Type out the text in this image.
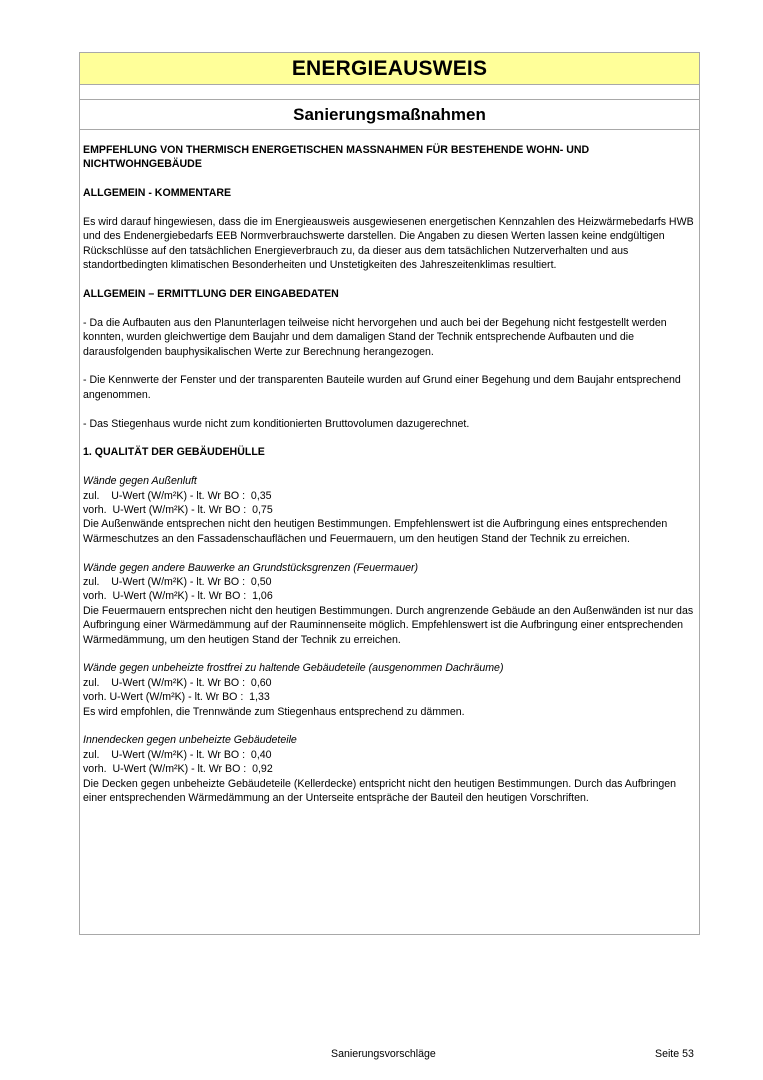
ENERGIEAUSWEIS
Sanierungsmaßnahmen

EMPFEHLUNG VON THERMISCH ENERGETISCHEN MASSNAHMEN FÜR BESTEHENDE WOHN- UND NICHTWOHNGEBÄUDE

ALLGEMEIN - KOMMENTARE

Es wird darauf hingewiesen, dass die im Energieausweis ausgewiesenen energetischen Kennzahlen des Heizwärmebedarfs HWB und des Endenergiebedarfs EEB Normverbrauchswerte darstellen. Die Angaben zu diesen Werten lassen keine endgültigen Rückschlüsse auf den tatsächlichen Energieverbrauch zu, da dieser aus dem tatsächlichen Nutzerverhalten und aus standortbedingten klimatischen Besonderheiten und Unstetigkeiten des Jahreszeitenklimas resultiert.

ALLGEMEIN – ERMITTLUNG DER EINGABEDATEN

- Da die Aufbauten aus den Planunterlagen teilweise nicht hervorgehen und auch bei der Begehung nicht festgestellt werden konnten, wurden gleichwertige dem Baujahr und dem damaligen Stand der Technik entsprechende Aufbauten und die darausfolgenden bauphysikalischen Werte zur Berechnung herangezogen.

- Die Kennwerte der Fenster und der transparenten Bauteile wurden auf Grund einer Begehung und dem Baujahr entsprechend angenommen.

- Das Stiegenhaus wurde nicht zum konditionierten Bruttovolumen dazugerechnet.

1. QUALITÄT DER GEBÄUDEHÜLLE

Wände gegen Außenluft

zul.    U-Wert (W/m²K) - lt. Wr BO :  0,35

vorh.  U-Wert (W/m²K) - lt. Wr BO :  0,75

Die Außenwände entsprechen nicht den heutigen Bestimmungen. Empfehlenswert ist die Aufbringung eines entsprechenden Wärmeschutzes an den Fassadenschauflächen und Feuermauern, um den heutigen Stand der Technik zu erreichen.

Wände gegen andere Bauwerke an Grundstücksgrenzen (Feuermauer)

zul.    U-Wert (W/m²K) - lt. Wr BO :  0,50

vorh.  U-Wert (W/m²K) - lt. Wr BO :  1,06

Die Feuermauern entsprechen nicht den heutigen Bestimmungen. Durch angrenzende Gebäude an den Außenwänden ist nur das Aufbringung einer Wärmedämmung auf der Rauminnenseite möglich. Empfehlenswert ist die Aufbringung einer entsprechenden Wärmedämmung, um den heutigen Stand der Technik zu erreichen.

Wände gegen unbeheizte frostfrei zu haltende Gebäudeteile (ausgenommen Dachräume)

zul.    U-Wert (W/m²K) - lt. Wr BO :  0,60

vorh. U-Wert (W/m²K) - lt. Wr BO :  1,33

Es wird empfohlen, die Trennwände zum Stiegenhaus entsprechend zu dämmen.

Innendecken gegen unbeheizte Gebäudeteile

zul.    U-Wert (W/m²K) - lt. Wr BO :  0,40

vorh.  U-Wert (W/m²K) - lt. Wr BO :  0,92

Die Decken gegen unbeheizte Gebäudeteile (Kellerdecke) entspricht nicht den heutigen Bestimmungen. Durch das Aufbringen einer entsprechenden Wärmedämmung an der Unterseite entspräche der Bauteil den heutigen Vorschriften.

Sanierungsvorschläge	Seite 53
